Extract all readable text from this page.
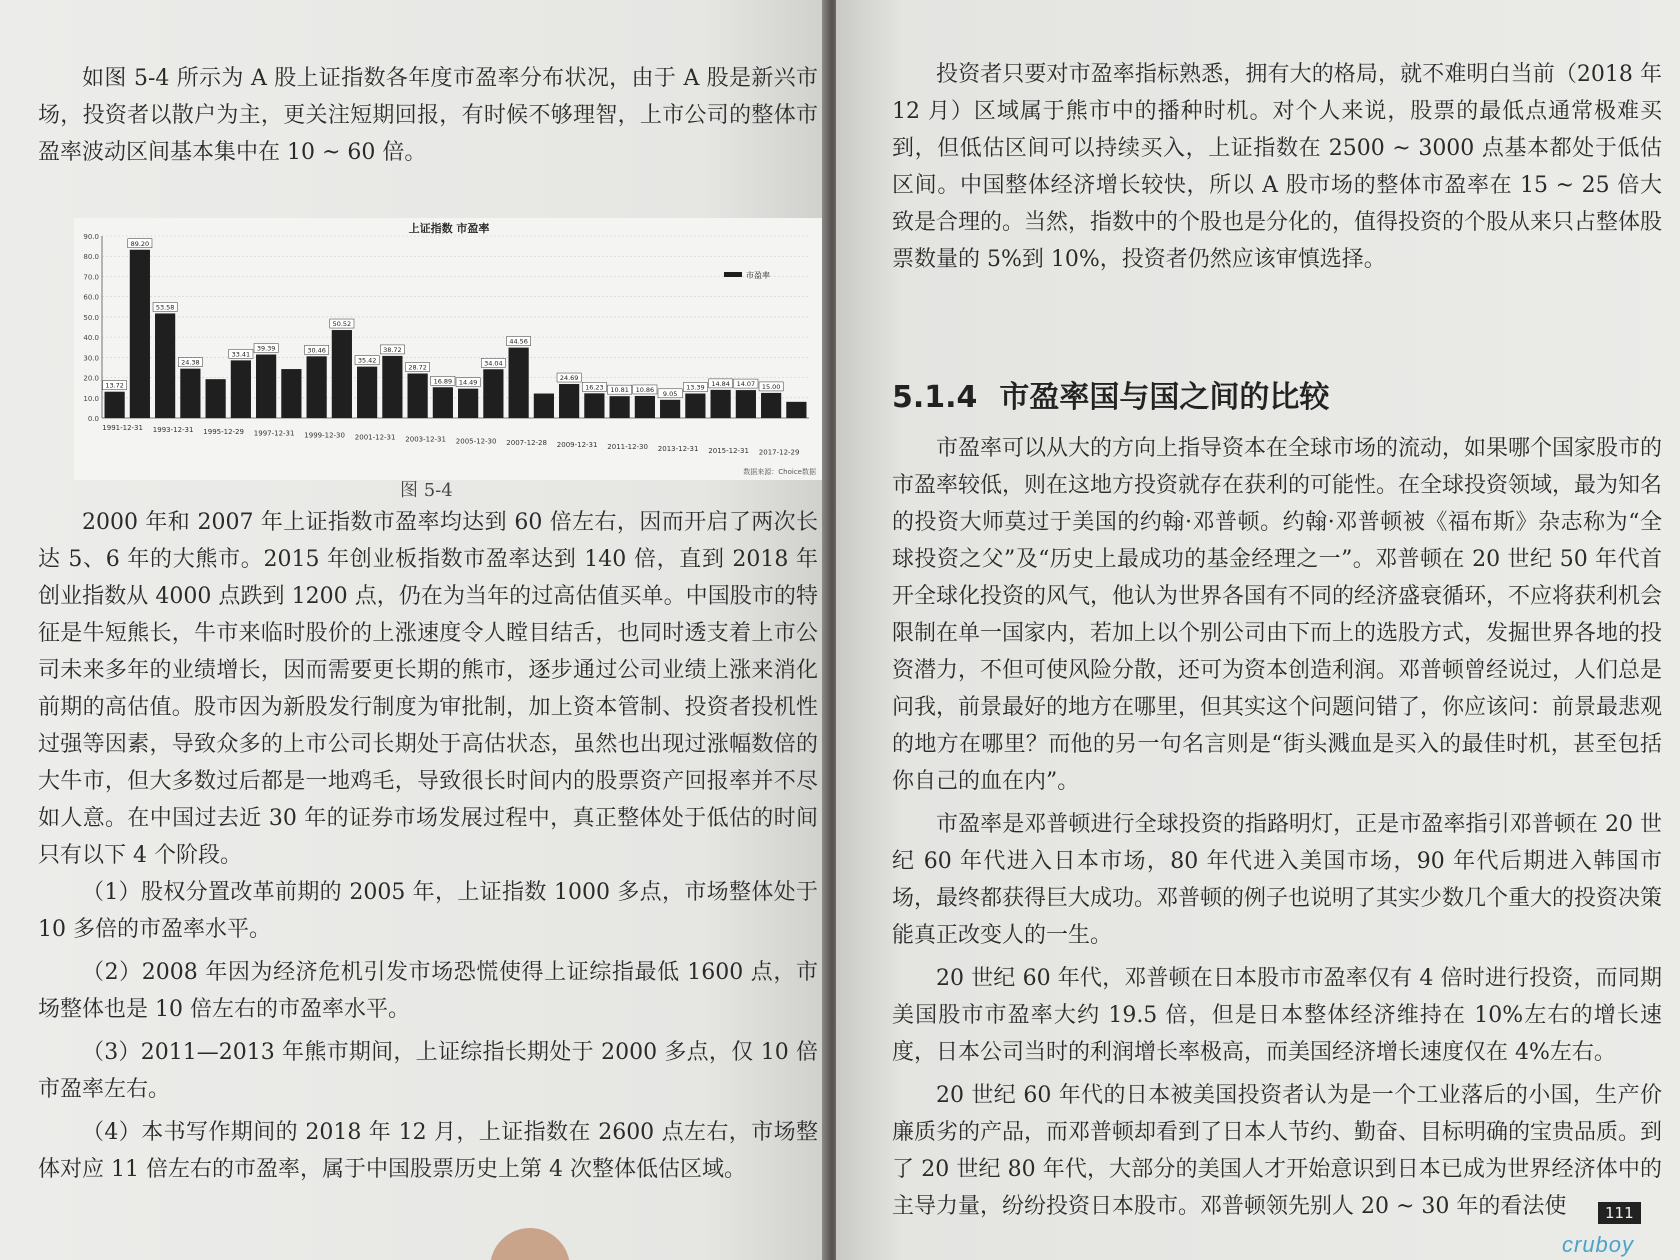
如图 5-4 所示为 A 股上证指数各年度市盈率分布状况，由于 A 股是新兴市场，投资者以散户为主，更关注短期回报，有时候不够理智，上市公司的整体市盈率波动区间基本集中在 10 ~ 60 倍。

上证指数 市盈率
90.0
80.0
70.0
60.0
50.0
40.0
30.0
20.0
10.0
0.0
13.72
89.20
53.58
24.38
33.41
39.39	30.46
50.52
35.42
38.72
28.72
16.89 14.49
34.04
44.56
24.69
16.23 10.81 10.86 9.05
13.39 14.84 14.07 15.00
1991-12-31 1993-12-31 1995-12-29 1997-12-31 1999-12-30 2001-12-31 2003-12-31 2005-12-30 2007-12-28 2009-12-31 2011-12-30 2013-12-31 2015-12-31 2017-12-29
市盈率
数据来源：Choice数据
图 5-4

2000 年和 2007 年上证指数市盈率均达到 60 倍左右，因而开启了两次长达 5、6 年的大熊市。2015 年创业板指数市盈率达到 140 倍，直到 2018 年创业指数从 4000 点跌到 1200 点，仍在为当年的过高估值买单。中国股市的特征是牛短熊长，牛市来临时股价的上涨速度令人瞠目结舌，也同时透支着上市公司未来多年的业绩增长，因而需要更长期的熊市，逐步通过公司业绩上涨来消化前期的高估值。股市因为新股发行制度为审批制，加上资本管制、投资者投机性过强等因素，导致众多的上市公司长期处于高估状态，虽然也出现过涨幅数倍的大牛市，但大多数过后都是一地鸡毛，导致很长时间内的股票资产回报率并不尽如人意。在中国过去近 30 年的证券市场发展过程中，真正整体处于低估的时间只有以下 4 个阶段。

（1）股权分置改革前期的 2005 年，上证指数 1000 多点，市场整体处于 10 多倍的市盈率水平。

（2）2008 年因为经济危机引发市场恐慌使得上证综指最低 1600 点，市场整体也是 10 倍左右的市盈率水平。

（3）2011—2013 年熊市期间，上证综指长期处于 2000 多点，仅 10 倍市盈率左右。

（4）本书写作期间的 2018 年 12 月，上证指数在 2600 点左右，市场整体对应 11 倍左右的市盈率，属于中国股票历史上第 4 次整体低估区域。

投资者只要对市盈率指标熟悉，拥有大的格局，就不难明白当前（2018 年 12 月）区域属于熊市中的播种时机。对个人来说，股票的最低点通常极难买到，但低估区间可以持续买入，上证指数在 2500 ~ 3000 点基本都处于低估区间。中国整体经济增长较快，所以 A 股市场的整体市盈率在 15 ~ 25 倍大致是合理的。当然，指数中的个股也是分化的，值得投资的个股从来只占整体股票数量的 5%到 10%，投资者仍然应该审慎选择。

5.1.4 市盈率国与国之间的比较

市盈率可以从大的方向上指导资本在全球市场的流动，如果哪个国家股市的市盈率较低，则在这地方投资就存在获利的可能性。在全球投资领域，最为知名的投资大师莫过于美国的约翰·邓普顿。约翰·邓普顿被《福布斯》杂志称为“全球投资之父”及“历史上最成功的基金经理之一”。邓普顿在 20 世纪 50 年代首开全球化投资的风气，他认为世界各国有不同的经济盛衰循环，不应将获利机会限制在单一国家内，若加上以个别公司由下而上的选股方式，发掘世界各地的投资潜力，不但可使风险分散，还可为资本创造利润。邓普顿曾经说过，人们总是问我，前景最好的地方在哪里，但其实这个问题问错了，你应该问：前景最悲观的地方在哪里？而他的另一句名言则是“街头溅血是买入的最佳时机，甚至包括你自己的血在内”。

市盈率是邓普顿进行全球投资的指路明灯，正是市盈率指引邓普顿在 20 世纪 60 年代进入日本市场，80 年代进入美国市场，90 年代后期进入韩国市场，最终都获得巨大成功。邓普顿的例子也说明了其实少数几个重大的投资决策能真正改变人的一生。

20 世纪 60 年代，邓普顿在日本股市市盈率仅有 4 倍时进行投资，而同期美国股市市盈率大约 19.5 倍，但是日本整体经济维持在 10%左右的增长速度，日本公司当时的利润增长率极高，而美国经济增长速度仅在 4%左右。

20 世纪 60 年代的日本被美国投资者认为是一个工业落后的小国，生产价廉质劣的产品，而邓普顿却看到了日本人节约、勤奋、目标明确的宝贵品质。到了 20 世纪 80 年代，大部分的美国人才开始意识到日本已成为世界经济体中的主导力量，纷纷投资日本股市。邓普顿领先别人 20 ~ 30 年的看法使	111
cruboy
